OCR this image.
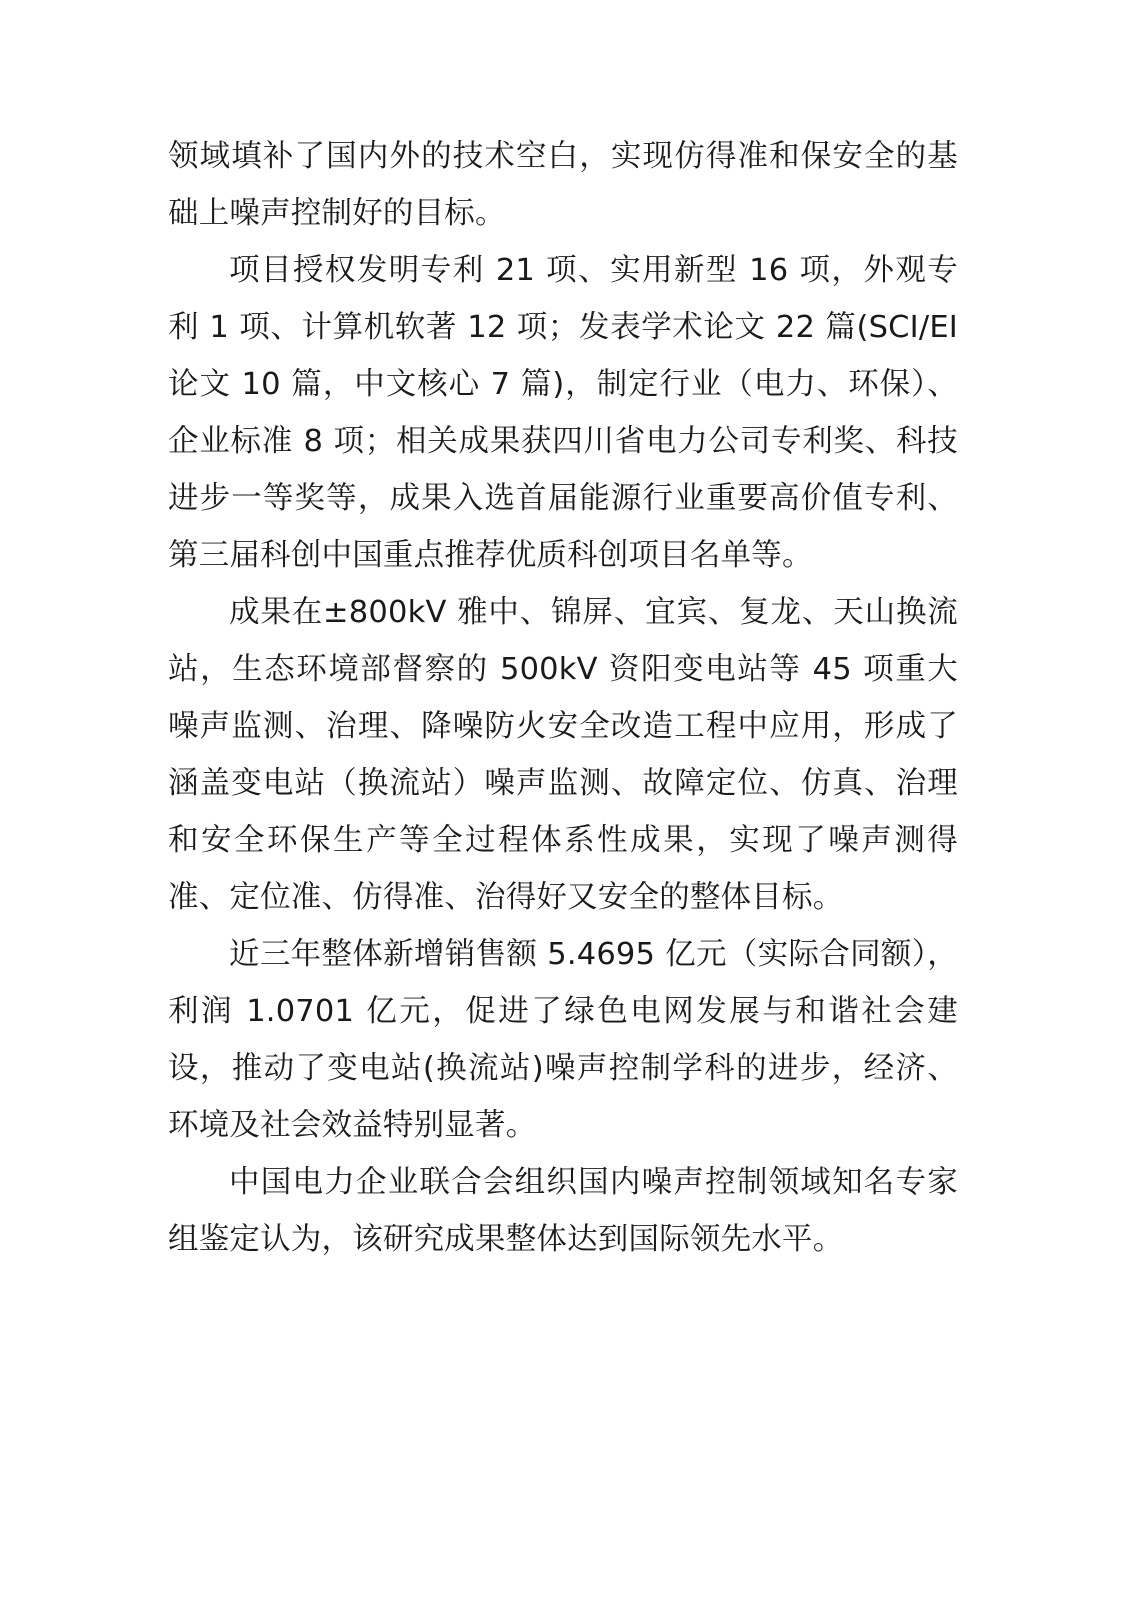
领域填补了国内外的技术空白，实现仿得准和保安全的基础上噪声控制好的目标。

项目授权发明专利 21 项、实用新型 16 项，外观专利 1 项、计算机软著 12 项；发表学术论文 22 篇(SCI/EI 论文 10 篇，中文核心 7 篇)，制定行业（电力、环保）、企业标准 8 项；相关成果获四川省电力公司专利奖、科技进步一等奖等，成果入选首届能源行业重要高价值专利、第三届科创中国重点推荐优质科创项目名单等。

成果在±800kV 雅中、锦屏、宜宾、复龙、天山换流站，生态环境部督察的 500kV 资阳变电站等 45 项重大噪声监测、治理、降噪防火安全改造工程中应用，形成了涵盖变电站（换流站）噪声监测、故障定位、仿真、治理和安全环保生产等全过程体系性成果，实现了噪声测得准、定位准、仿得准、治得好又安全的整体目标。

近三年整体新增销售额 5.4695 亿元（实际合同额），利润 1.0701 亿元，促进了绿色电网发展与和谐社会建设，推动了变电站(换流站)噪声控制学科的进步，经济、环境及社会效益特别显著。

中国电力企业联合会组织国内噪声控制领域知名专家组鉴定认为，该研究成果整体达到国际领先水平。
